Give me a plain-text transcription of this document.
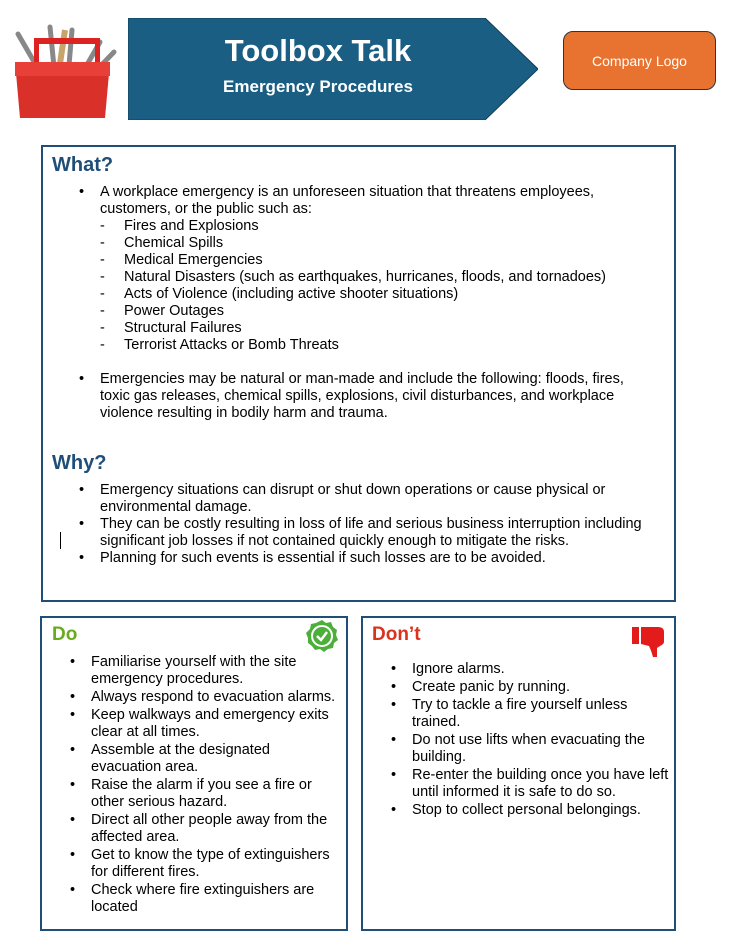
Toolbox Talk
Emergency Procedures
Company Logo
What?
• A workplace emergency is an unforeseen situation that threatens employees,
customers, or the public such as:
- Fires and Explosions
- Chemical Spills
- Medical Emergencies
- Natural Disasters (such as earthquakes, hurricanes, floods, and tornadoes)
- Acts of Violence (including active shooter situations)
- Power Outages
- Structural Failures
- Terrorist Attacks or Bomb Threats
• Emergencies may be natural or man-made and include the following: floods, fires,
toxic gas releases, chemical spills, explosions, civil disturbances, and workplace
violence resulting in bodily harm and trauma.
Why?
• Emergency situations can disrupt or shut down operations or cause physical or
environmental damage.
• They can be costly resulting in loss of life and serious business interruption including
significant job losses if not contained quickly enough to mitigate the risks.
• Planning for such events is essential if such losses are to be avoided.
Do
• Familiarise yourself with the site
emergency procedures.
• Always respond to evacuation alarms.
• Keep walkways and emergency exits
clear at all times.
• Assemble at the designated
evacuation area.
• Raise the alarm if you see a fire or
other serious hazard.
• Direct all other people away from the
affected area.
• Get to know the type of extinguishers
for different fires.
• Check where fire extinguishers are
located
Don’t
• Ignore alarms.
• Create panic by running.
• Try to tackle a fire yourself unless
trained.
• Do not use lifts when evacuating the
building.
• Re-enter the building once you have left
until informed it is safe to do so.
• Stop to collect personal belongings.
